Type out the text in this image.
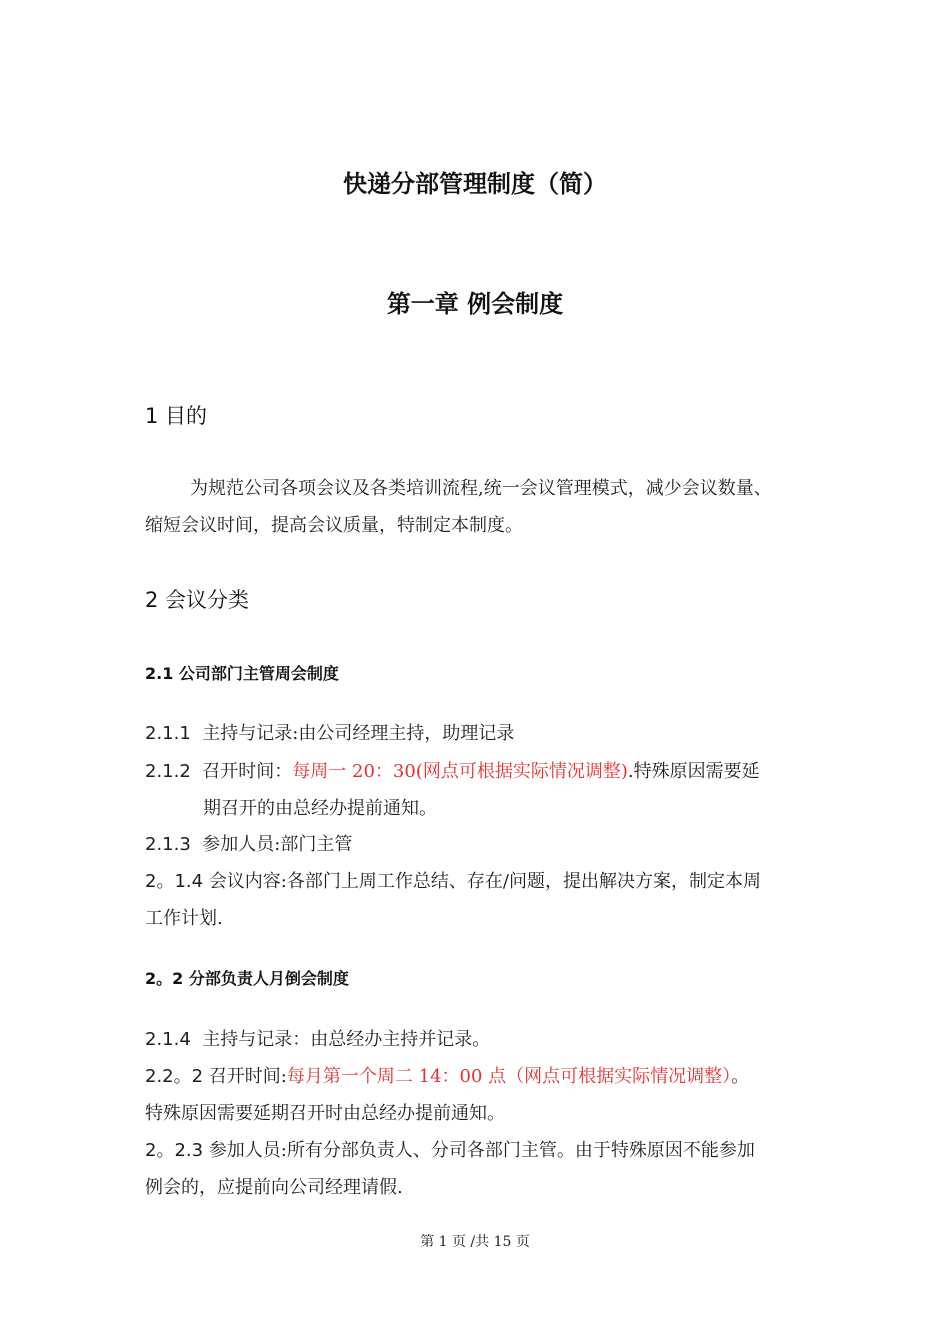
快递分部管理制度（简）
第一章 例会制度
1 目的
为规范公司各项会议及各类培训流程,统一会议管理模式，减少会议数量、
缩短会议时间，提高会议质量，特制定本制度。
2 会议分类
2.1 公司部门主管周会制度
2.1.1 主持与记录:由公司经理主持，助理记录
2.1.2 召开时间：每周一 20：30(网点可根据实际情况调整).特殊原因需要延
期召开的由总经办提前通知。
2.1.3 参加人员:部门主管
2。1.4 会议内容:各部门上周工作总结、存在/问题，提出解决方案，制定本周
工作计划.
2。2 分部负责人月倒会制度
2.1.4 主持与记录：由总经办主持并记录。
2.2。2 召开时间:每月第一个周二 14：00 点（网点可根据实际情况调整）。
特殊原因需要延期召开时由总经办提前通知。
2。2.3 参加人员:所有分部负责人、分司各部门主管。由于特殊原因不能参加
例会的，应提前向公司经理请假.
第 1 页 /共 15 页
